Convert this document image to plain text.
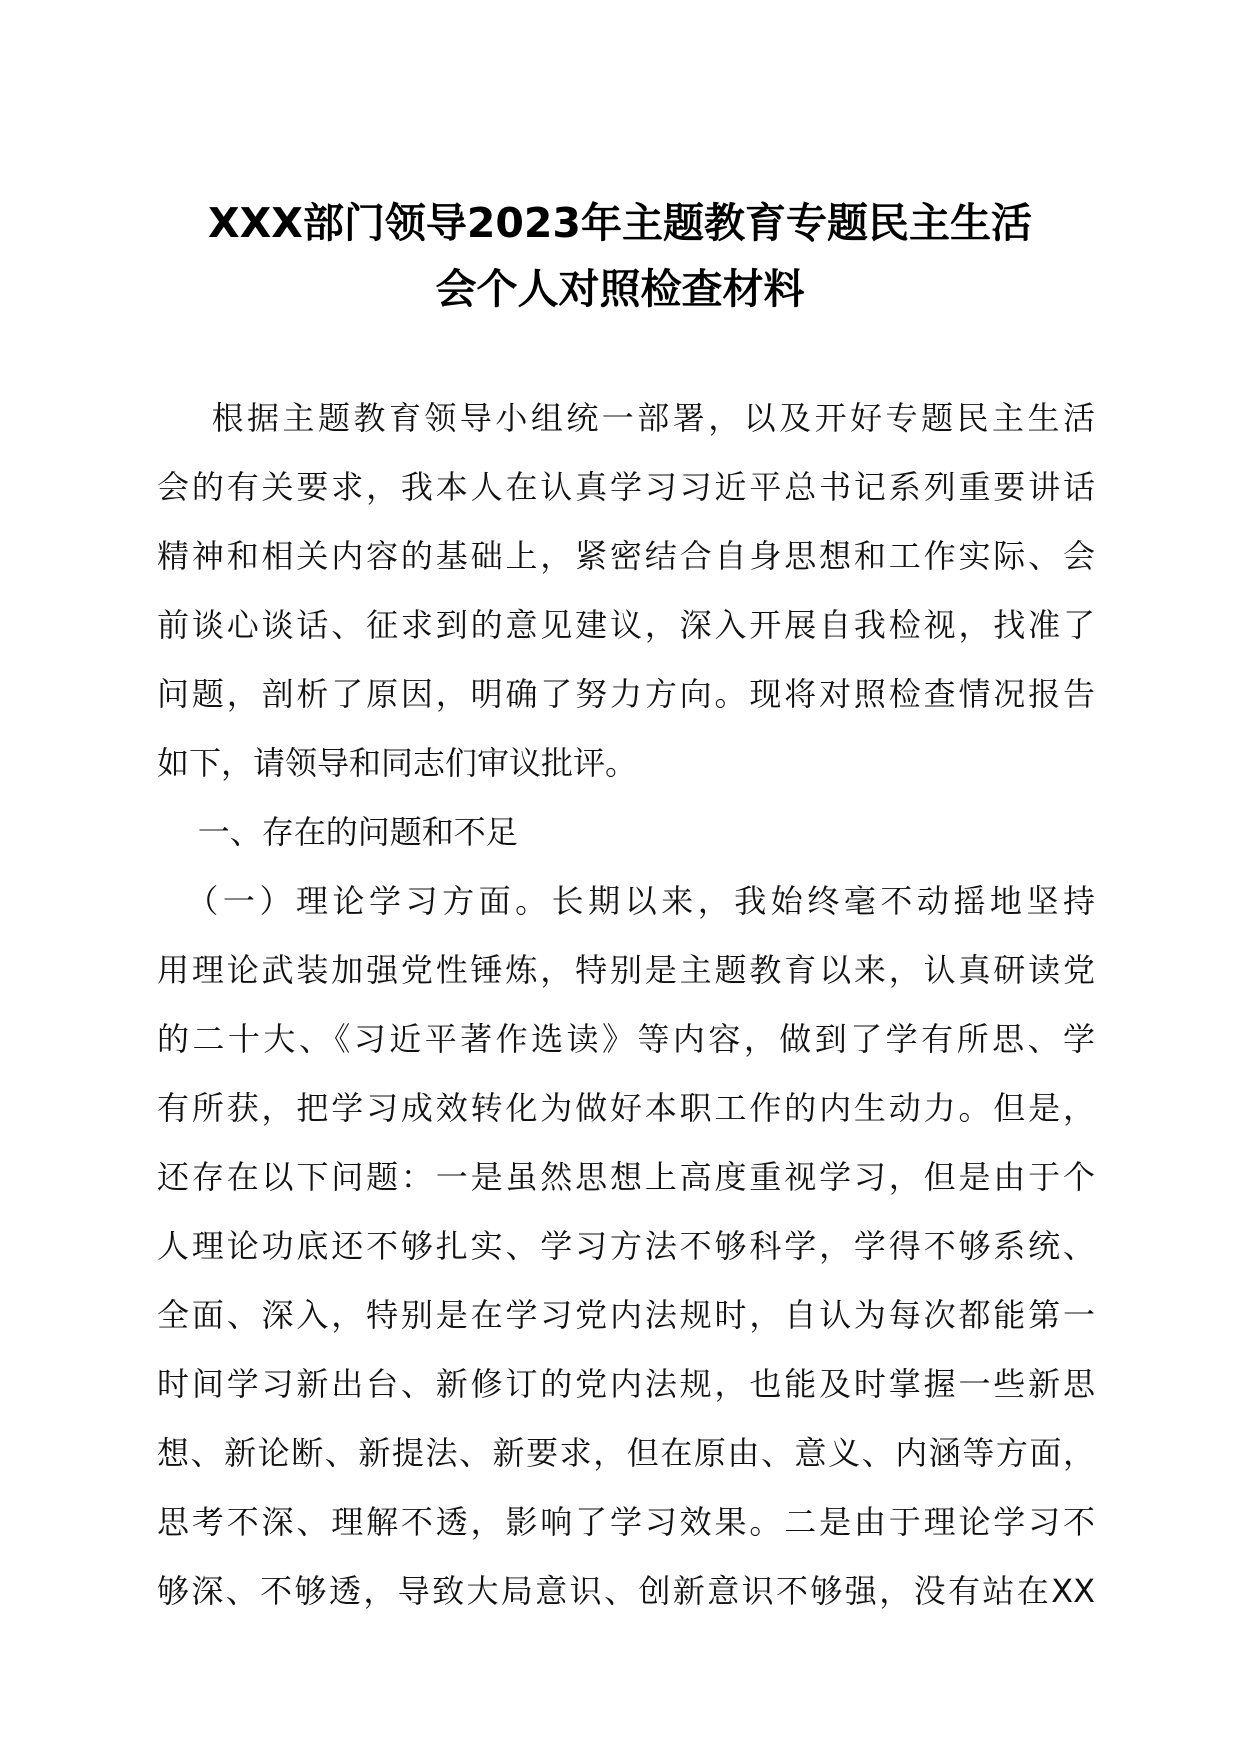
XXX部门领导2023年主题教育专题民主生活
会个人对照检查材料
根据主题教育领导小组统一部署，以及开好专题民主生活
会的有关要求，我本人在认真学习习近平总书记系列重要讲话
精神和相关内容的基础上，紧密结合自身思想和工作实际、会
前谈心谈话、征求到的意见建议，深入开展自我检视，找准了
问题，剖析了原因，明确了努力方向。现将对照检查情况报告
如下，请领导和同志们审议批评。
一、存在的问题和不足
（一）理论学习方面。长期以来，我始终毫不动摇地坚持
用理论武装加强党性锤炼，特别是主题教育以来，认真研读党
的二十大、《习近平著作选读》等内容，做到了学有所思、学
有所获，把学习成效转化为做好本职工作的内生动力。但是，
还存在以下问题：一是虽然思想上高度重视学习，但是由于个
人理论功底还不够扎实、学习方法不够科学，学得不够系统、
全面、深入，特别是在学习党内法规时，自认为每次都能第一
时间学习新出台、新修订的党内法规，也能及时掌握一些新思
想、新论断、新提法、新要求，但在原由、意义、内涵等方面，
思考不深、理解不透，影响了学习效果。二是由于理论学习不
够深、不够透，导致大局意识、创新意识不够强，没有站在XX
